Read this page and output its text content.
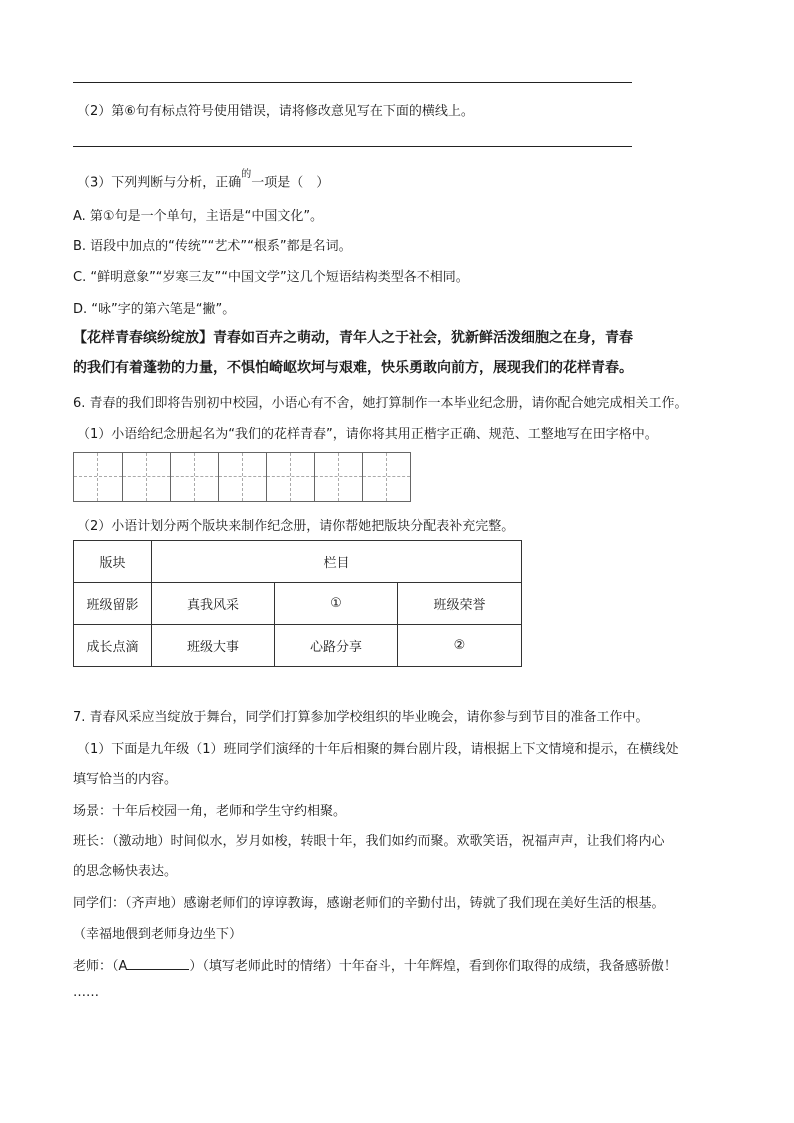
（2）第⑥句有标点符号使用错误，请将修改意见写在下面的横线上。
（3）下列判断与分析，正确$^的$一项是（　）
A. 第①句是一个单句，主语是“中国文化”。
B. 语段中加点的“传统”“艺术”“根系”都是名词。
C. “鲜明意象”“岁寒三友”“中国文学”这几个短语结构类型各不相同。
D. “咏”字的第六笔是“撇”。
【花样青春缤纷绽放】青春如百卉之萌动，青年人之于社会，犹新鲜活泼细胞之在身，青春
的我们有着蓬勃的力量，不惧怕崎岖坎坷与艰难，快乐勇敢向前方，展现我们的花样青春。
6. 青春的我们即将告别初中校园，小语心有不舍，她打算制作一本毕业纪念册，请你配合她完成相关工作。
（1）小语给纪念册起名为“我们的花样青春”，请你将其用正楷字正确、规范、工整地写在田字格中。
（2）小语计划分两个版块来制作纪念册，请你帮她把版块分配表补充完整。
版块	栏目		
班级留影	真我风采	①	班级荣誉
成长点滴	班级大事	心路分享	②
7. 青春风采应当绽放于舞台，同学们打算参加学校组织的毕业晚会，请你参与到节目的准备工作中。
（1）下面是九年级（1）班同学们演绎的十年后相聚的舞台剧片段，请根据上下文情境和提示，在横线处
填写恰当的内容。
场景：十年后校园一角，老师和学生守约相聚。
班长：（激动地）时间似水，岁月如梭，转眼十年，我们如约而聚。欢歌笑语，祝福声声，让我们将内心
的思念畅快表达。
同学们：（齐声地）感谢老师们的谆谆教诲，感谢老师们的辛勤付出，铸就了我们现在美好生活的根基。
（幸福地偎到老师身边坐下）
老师：（A	）（填写老师此时的情绪）十年奋斗，十年辉煌，看到你们取得的成绩，我备感骄傲！
……
